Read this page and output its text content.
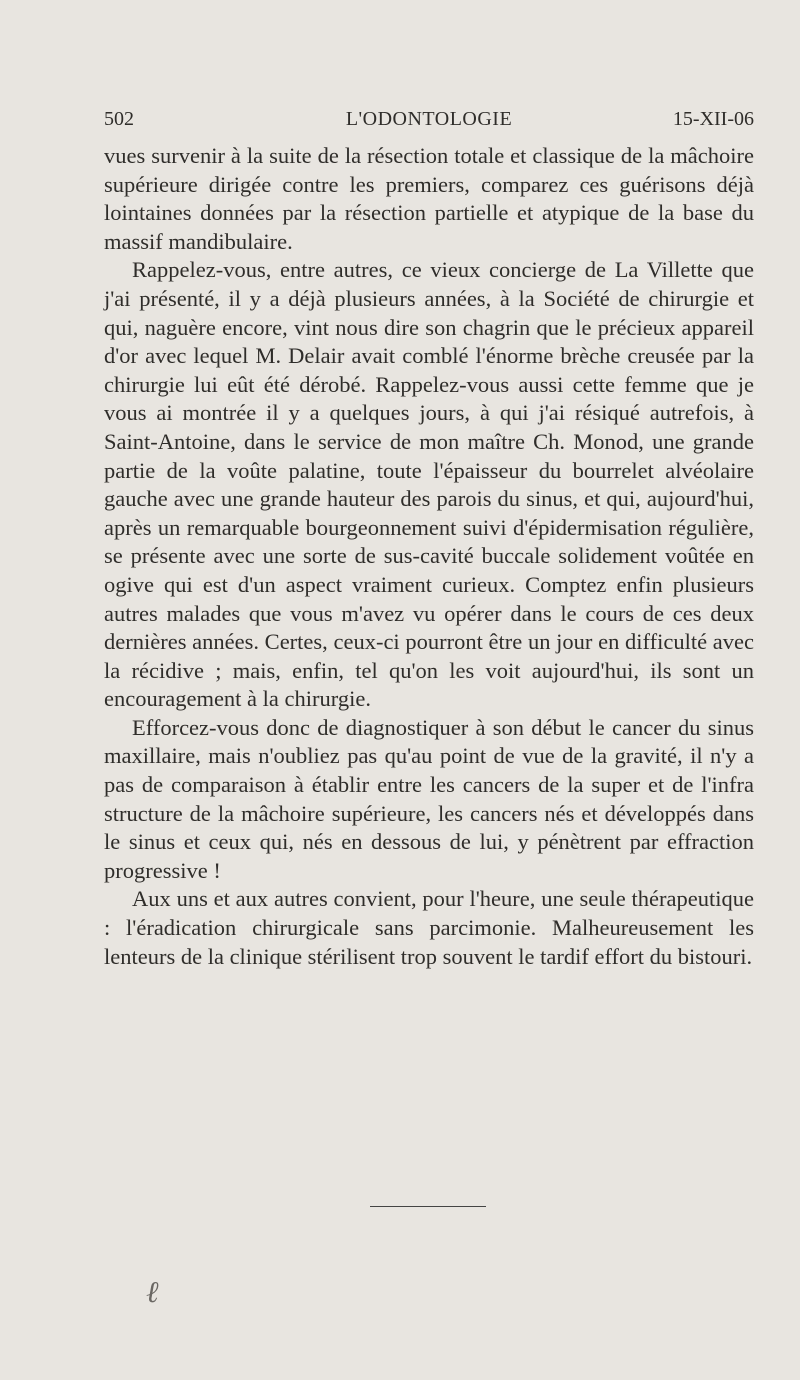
502	L'ODONTOLOGIE	15-XII-06

vues survenir à la suite de la résection totale et classique de la mâchoire supérieure dirigée contre les premiers, comparez ces guérisons déjà lointaines données par la résection partielle et atypique de la base du massif mandibulaire.

Rappelez-vous, entre autres, ce vieux concierge de La Villette que j'ai présenté, il y a déjà plusieurs années, à la Société de chirurgie et qui, naguère encore, vint nous dire son chagrin que le précieux appareil d'or avec lequel M. Delair avait comblé l'énorme brèche creusée par la chirurgie lui eût été dérobé. Rappelez-vous aussi cette femme que je vous ai montrée il y a quelques jours, à qui j'ai résiqué autrefois, à Saint-Antoine, dans le service de mon maître Ch. Monod, une grande partie de la voûte palatine, toute l'épaisseur du bourrelet alvéolaire gauche avec une grande hauteur des parois du sinus, et qui, aujourd'hui, après un remarquable bourgeonnement suivi d'épidermisation régulière, se présente avec une sorte de sus-cavité buccale solidement voûtée en ogive qui est d'un aspect vraiment curieux. Comptez enfin plusieurs autres malades que vous m'avez vu opérer dans le cours de ces deux dernières années. Certes, ceux-ci pourront être un jour en difficulté avec la récidive ; mais, enfin, tel qu'on les voit aujourd'hui, ils sont un encouragement à la chirurgie.

Efforcez-vous donc de diagnostiquer à son début le cancer du sinus maxillaire, mais n'oubliez pas qu'au point de vue de la gravité, il n'y a pas de comparaison à établir entre les cancers de la super et de l'infra structure de la mâchoire supérieure, les cancers nés et développés dans le sinus et ceux qui, nés en dessous de lui, y pénètrent par effraction progressive !

Aux uns et aux autres convient, pour l'heure, une seule thérapeutique : l'éradication chirurgicale sans parcimonie. Malheureusement les lenteurs de la clinique stérilisent trop souvent le tardif effort du bistouri.

ℓ
